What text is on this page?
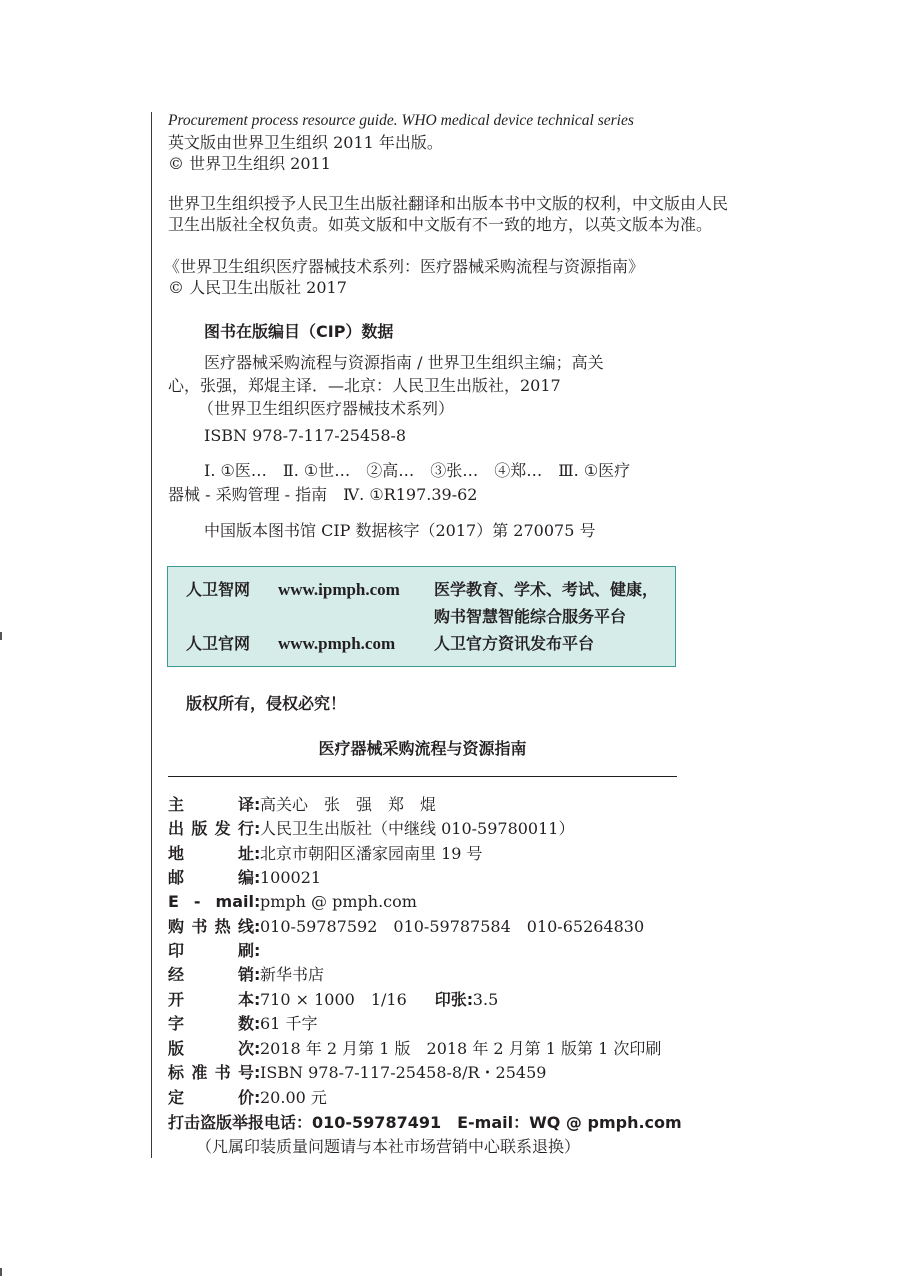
Procurement process resource guide. WHO medical device technical series
英文版由世界卫生组织 2011 年出版。
© 世界卫生组织 2011
世界卫生组织授予人民卫生出版社翻译和出版本书中文版的权利，中文版由人民
卫生出版社全权负责。如英文版和中文版有不一致的地方，以英文版本为准。
《世界卫生组织医疗器械技术系列：医疗器械采购流程与资源指南》
© 人民卫生出版社 2017
图书在版编目（CIP）数据
医疗器械采购流程与资源指南 / 世界卫生组织主编；高关
心，张强，郑焜主译．—北京：人民卫生出版社，2017
（世界卫生组织医疗器械技术系列）
ISBN 978-7-117-25458-8
Ⅰ. ①医…　Ⅱ. ①世…　②高…　③张…　④郑…　Ⅲ. ①医疗
器械 - 采购管理 - 指南　Ⅳ. ①R197.39-62
中国版本图书馆 CIP 数据核字（2017）第 270075 号
人卫智网 www.ipmph.com 医学教育、学术、考试、健康，
购书智慧智能综合服务平台
人卫官网 www.pmph.com 人卫官方资讯发布平台
版权所有，侵权必究！
医疗器械采购流程与资源指南
主　　译:高关心　张　强　郑　焜
出版发行:人民卫生出版社（中继线 010-59780011）
地　　址:北京市朝阳区潘家园南里 19 号
邮　　编:100021
E - mail:pmph @ pmph.com
购书热线:010-59787592　010-59787584　010-65264830
印　　刷:
经　　销:新华书店
开　　本:710 × 1000　1/16 印张:3.5
字　　数:61 千字
版　　次:2018 年 2 月第 1 版　2018 年 2 月第 1 版第 1 次印刷
标准书号:ISBN 978-7-117-25458-8/R・25459
定　　价:20.00 元
打击盗版举报电话：010-59787491　E-mail：WQ @ pmph.com
（凡属印装质量问题请与本社市场营销中心联系退换）
